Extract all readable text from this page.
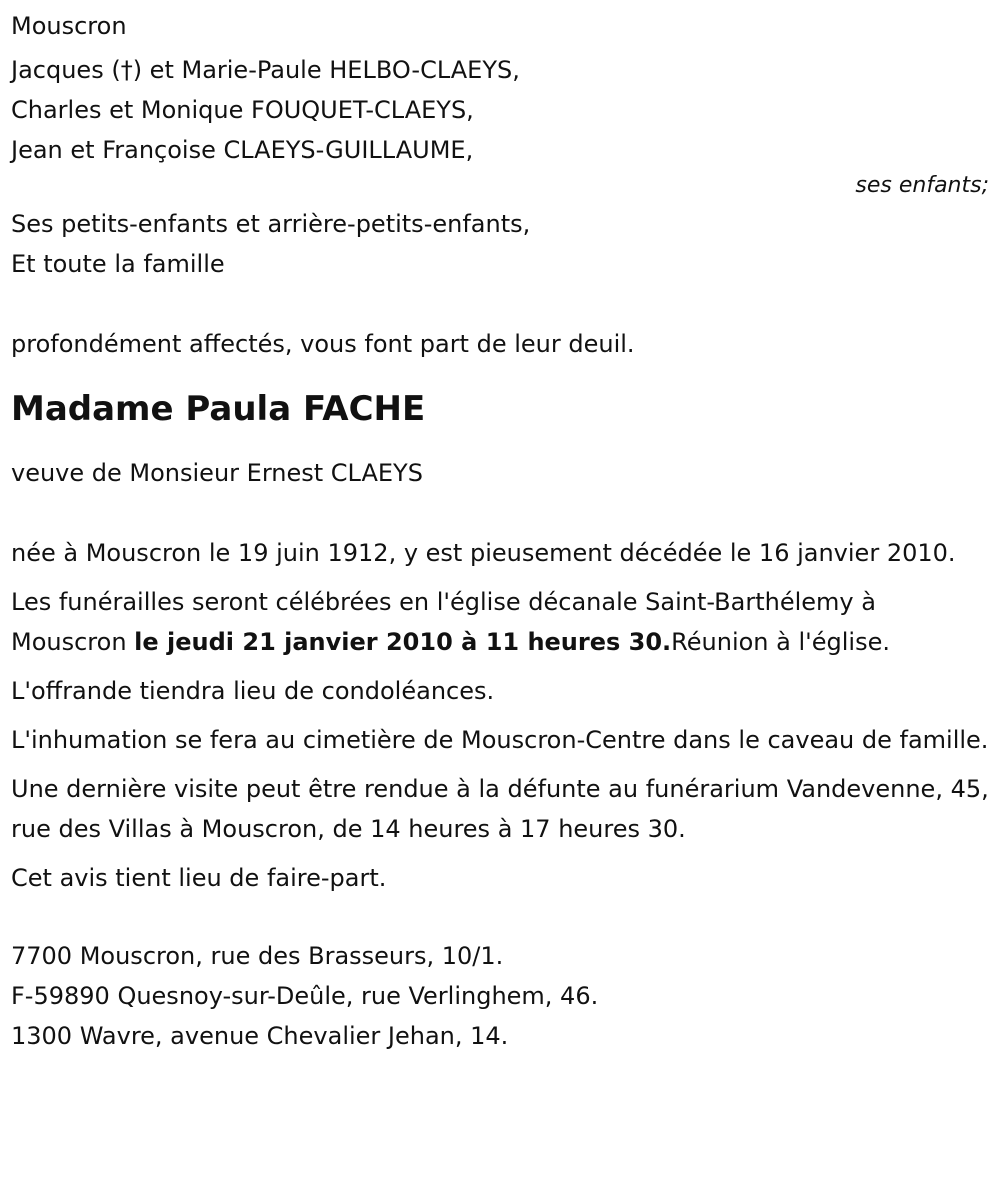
Mouscron
Jacques (†) et Marie-Paule HELBO-CLAEYS,
Charles et Monique FOUQUET-CLAEYS,
Jean et Françoise CLAEYS-GUILLAUME,
ses enfants;
Ses petits-enfants et arrière-petits-enfants,
Et toute la famille
profondément affectés, vous font part de leur deuil.
Madame Paula FACHE
veuve de Monsieur Ernest CLAEYS
née à Mouscron le 19 juin 1912, y est pieusement décédée le 16 janvier 2010.
Les funérailles seront célébrées en l'église décanale Saint-Barthélemy à Mouscron le jeudi 21 janvier 2010 à 11 heures 30.Réunion à l'église.
L'offrande tiendra lieu de condoléances.
L'inhumation se fera au cimetière de Mouscron-Centre dans le caveau de famille.
Une dernière visite peut être rendue à la défunte au funérarium Vandevenne, 45, rue des Villas à Mouscron, de 14 heures à 17 heures 30.
Cet avis tient lieu de faire-part.
7700 Mouscron, rue des Brasseurs, 10/1.
F-59890 Quesnoy-sur-Deûle, rue Verlinghem, 46.
1300 Wavre, avenue Chevalier Jehan, 14.
